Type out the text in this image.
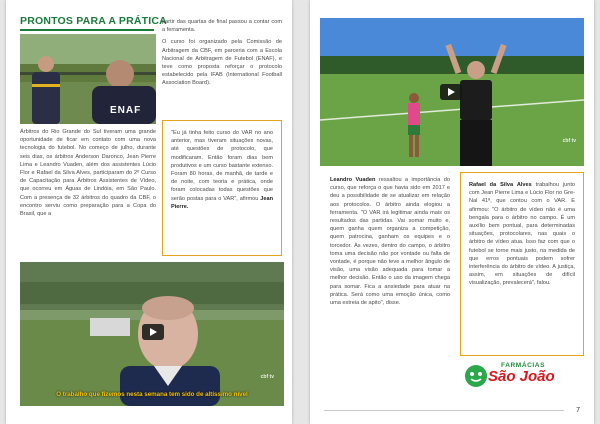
PRONTOS PARA A PRÁTICA
ENAF

Árbitros do Rio Grande do Sul tiveram uma grande oportunidade de ficar em contato com uma nova tecnologia do futebol. No começo de julho, durante seis dias, os árbitros Anderson Daronco, Jean Pierre Lima e Leandro Vuaden, além dos assistentes Lúcio Flor e Rafael da Silva Alves, participaram do 2º Curso de Capacitação para Árbitros Assistentes de Vídeo, que ocorreu em Águas de Lindóia, em São Paulo. Com a presença de 32 árbitros do quadro da CBF, o encontro serviu como preparação para a Copa do Brasil, que a

partir das quartas de final passou a contar com a ferramenta.

O curso foi organizado pela Comissão de Arbitragem da CBF, em parceria com a Escola Nacional de Arbitragem de Futebol (ENAF), e teve como proposta reforçar o protocolo estabelecido pela IFAB (International Football Association Board).

"Eu já tinha feito curso do VAR no ano anterior, mas tiveram situações novas, até questões de protocolo, que modificaram. Então foram dias bem produtivos e um curso bastante extenso. Foram 80 horas, de manhã, de tarde e de noite, com teoria e prática, onde foram colocadas todas questões que serão postas para o VAR", afirmou Jean Pierre.
cbf tv
O trabalho que fizemos nesta semana tem sido de altíssimo nível
cbf tv

Leandro Vuaden ressaltou a importância do curso, que reforça o que havia sido em 2017 e deu a possibilidade de se atualizar em relação aos protocolos. O árbitro ainda elogiou a ferramenta. "O VAR irá legitimar ainda mais os resultados das partidas. Vai somar muito e, quem ganha quem organiza a competição, quem patrocina, ganham os equipes e o torcedor. Às vezes, dentro do campo, o árbitro toma uma decisão não por vontade ou falta de vontade, é porque não teve a melhor ângulo de visão, uma visão adequada para tomar a melhor decisão. Então o uso da imagem chega para somar. Fica a ansiedade para atuar na prática. Será como uma emoção única, como uma estreia de apito", disse.

Rafael da Silva Alves trabalhou junto com Jean Pierre Lima e Lúcio Flor no Gre-Nal 41ª, que contou com o VAR. E afirmou: "O árbitro de vídeo não é uma bengala para o árbitro no campo. É um auxílio bem pontual, para determinadas situações, protocolares, nas quais o árbitro de vídeo atua. Isso faz com que o futebol se torne mais justo, na medida de que erros pontuais podem sofrer interferência do árbitro de vídeo. A justiça, assim, em situações de difícil visualização, prevalecerá", falou.
FARMÁCIAS
São João
7
